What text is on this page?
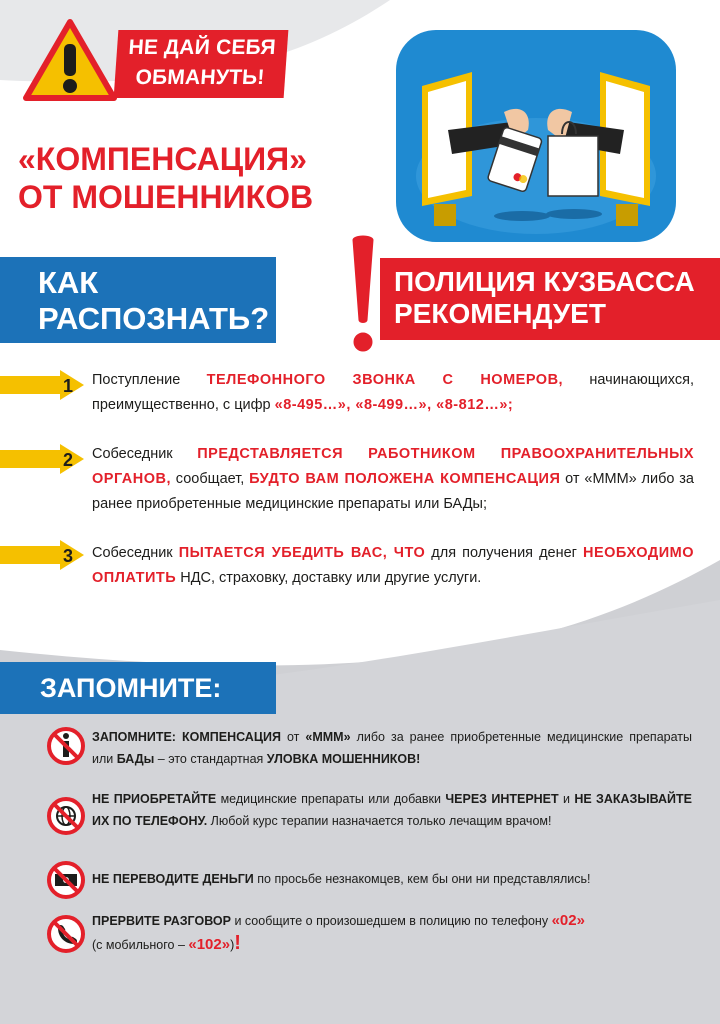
НЕ ДАЙ СЕБЯ
ОБМАНУТЬ!
«КОМПЕНСАЦИЯ»
ОТ МОШЕННИКОВ
КАК
РАСПОЗНАТЬ?
ПОЛИЦИЯ КУЗБАССА
РЕКОМЕНДУЕТ
1 Поступление ТЕЛЕФОННОГО ЗВОНКА С НОМЕРОВ, начинающихся, преимущественно, с цифр «8-495…», «8-499…», «8-812…»;
2 Собеседник ПРЕДСТАВЛЯЕТСЯ РАБОТНИКОМ ПРАВООХРАНИТЕЛЬНЫХ ОРГАНОВ, сообщает, БУДТО ВАМ ПОЛОЖЕНА КОМПЕНСАЦИЯ от «МММ» либо за ранее приобретенные медицинские препараты или БАДы;
3 Собеседник ПЫТАЕТСЯ УБЕДИТЬ ВАС, ЧТО для получения денег НЕОБХОДИМО ОПЛАТИТЬ НДС, страховку, доставку или другие услуги.
ЗАПОМНИТЕ:
ЗАПОМНИТЕ: КОМПЕНСАЦИЯ от «МММ» либо за ранее приобретенные медицинские препараты или БАДы – это стандартная УЛОВКА МОШЕННИКОВ!
НЕ ПРИОБРЕТАЙТЕ медицинские препараты или добавки ЧЕРЕЗ ИНТЕРНЕТ и НЕ ЗАКАЗЫВАЙТЕ ИХ ПО ТЕЛЕФОНУ. Любой курс терапии назначается только лечащим врачом!
НЕ ПЕРЕВОДИТЕ ДЕНЬГИ по просьбе незнакомцев, кем бы они ни представлялись!
ПРЕРВИТЕ РАЗГОВОР и сообщите о произошедшем в полицию по телефону «02»
(с мобильного – «102»)!
